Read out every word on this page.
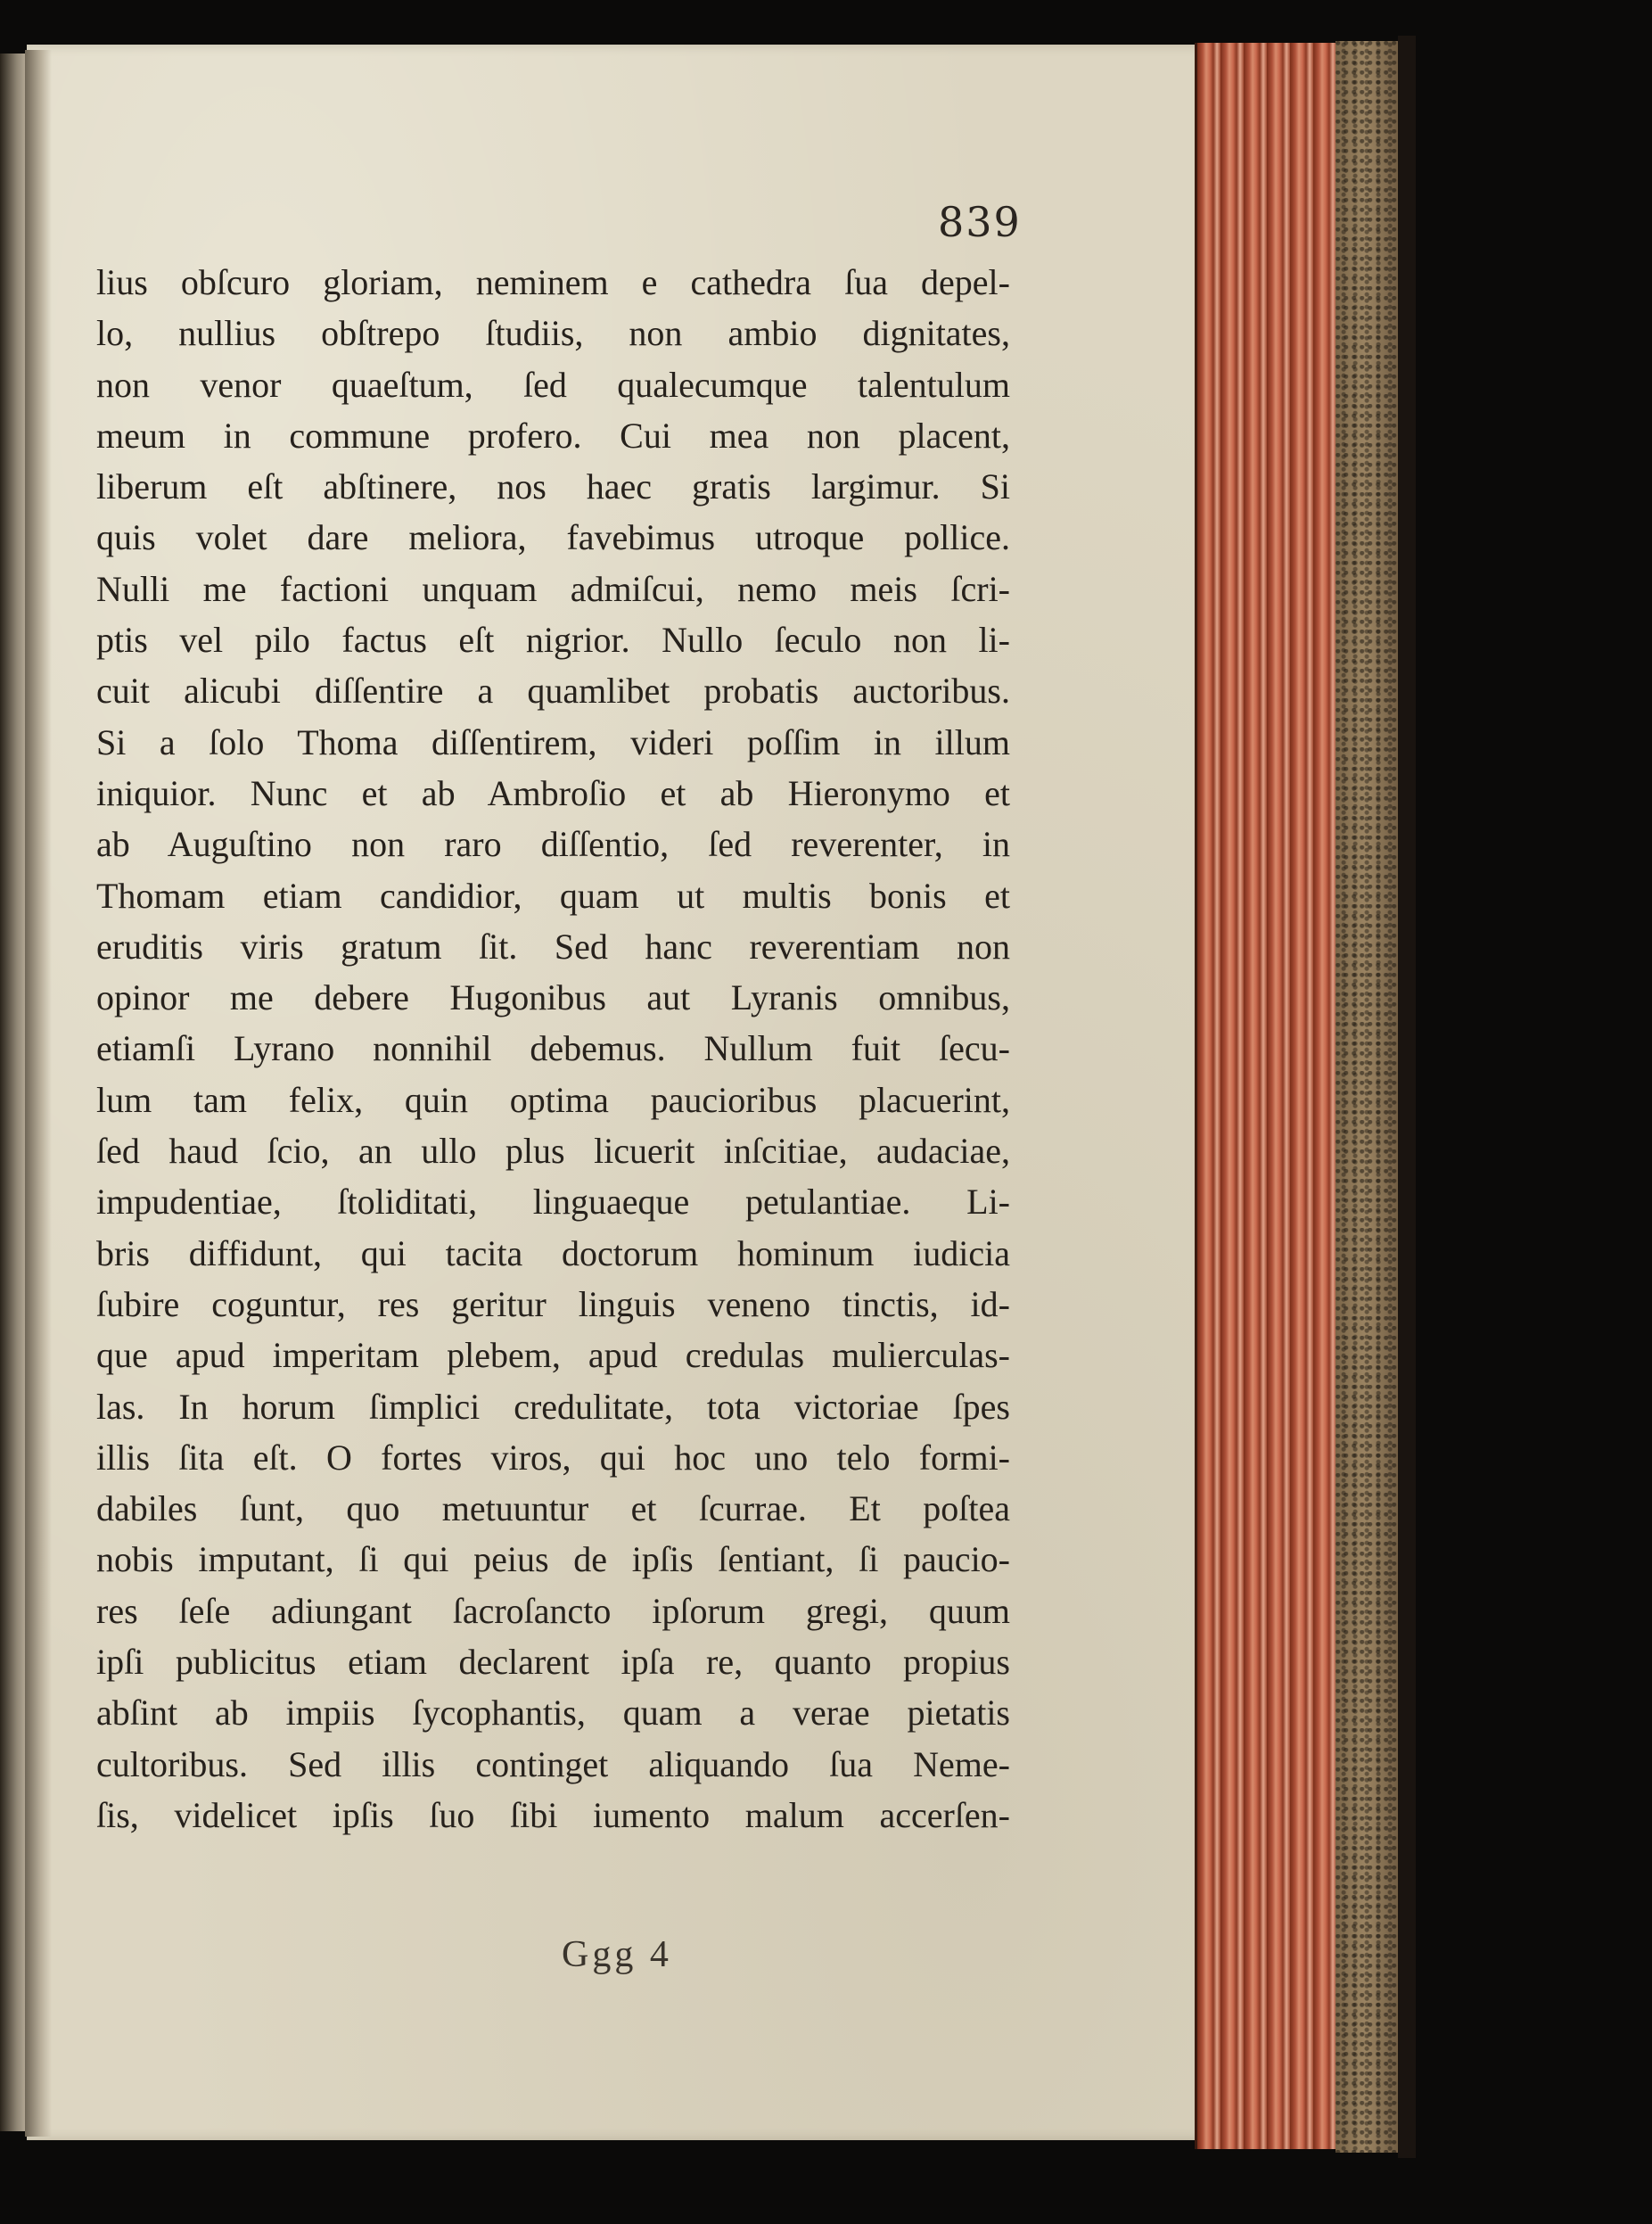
839
lius obſcuro gloriam, neminem e cathedra ſua depel-
lo, nullius obſtrepo ſtudiis, non ambio dignitates,
non venor quaeſtum, ſed qualecumque talentulum
meum in commune profero. Cui mea non placent,
liberum eſt abſtinere, nos haec gratis largimur. Si
quis volet dare meliora, favebimus utroque pollice.
Nulli me factioni unquam admiſcui, nemo meis ſcri-
ptis vel pilo factus eſt nigrior. Nullo ſeculo non li-
cuit alicubi diſſentire a quamlibet probatis auctoribus.
Si a ſolo Thoma diſſentirem, videri poſſim in illum
iniquior. Nunc et ab Ambroſio et ab Hieronymo et
ab Auguſtino non raro diſſentio, ſed reverenter, in
Thomam etiam candidior, quam ut multis bonis et
eruditis viris gratum ſit. Sed hanc reverentiam non
opinor me debere Hugonibus aut Lyranis omnibus,
etiamſi Lyrano nonnihil debemus. Nullum fuit ſecu-
lum tam felix, quin optima paucioribus placuerint,
ſed haud ſcio, an ullo plus licuerit inſcitiae, audaciae,
impudentiae, ſtoliditati, linguaeque petulantiae. Li-
bris diffidunt, qui tacita doctorum hominum iudicia
ſubire coguntur, res geritur linguis veneno tinctis, id-
que apud imperitam plebem, apud credulas mulierculas-
las. In horum ſimplici credulitate, tota victoriae ſpes
illis ſita eſt. O fortes viros, qui hoc uno telo formi-
dabiles ſunt, quo metuuntur et ſcurrae. Et poſtea
nobis imputant, ſi qui peius de ipſis ſentiant, ſi paucio-
res ſeſe adiungant ſacroſancto ipſorum gregi, quum
ipſi publicitus etiam declarent ipſa re, quanto propius
abſint ab impiis ſycophantis, quam a verae pietatis
cultoribus. Sed illis continget aliquando ſua Neme-
ſis, videlicet ipſis ſuo ſibi iumento malum accerſen-
Ggg 4
